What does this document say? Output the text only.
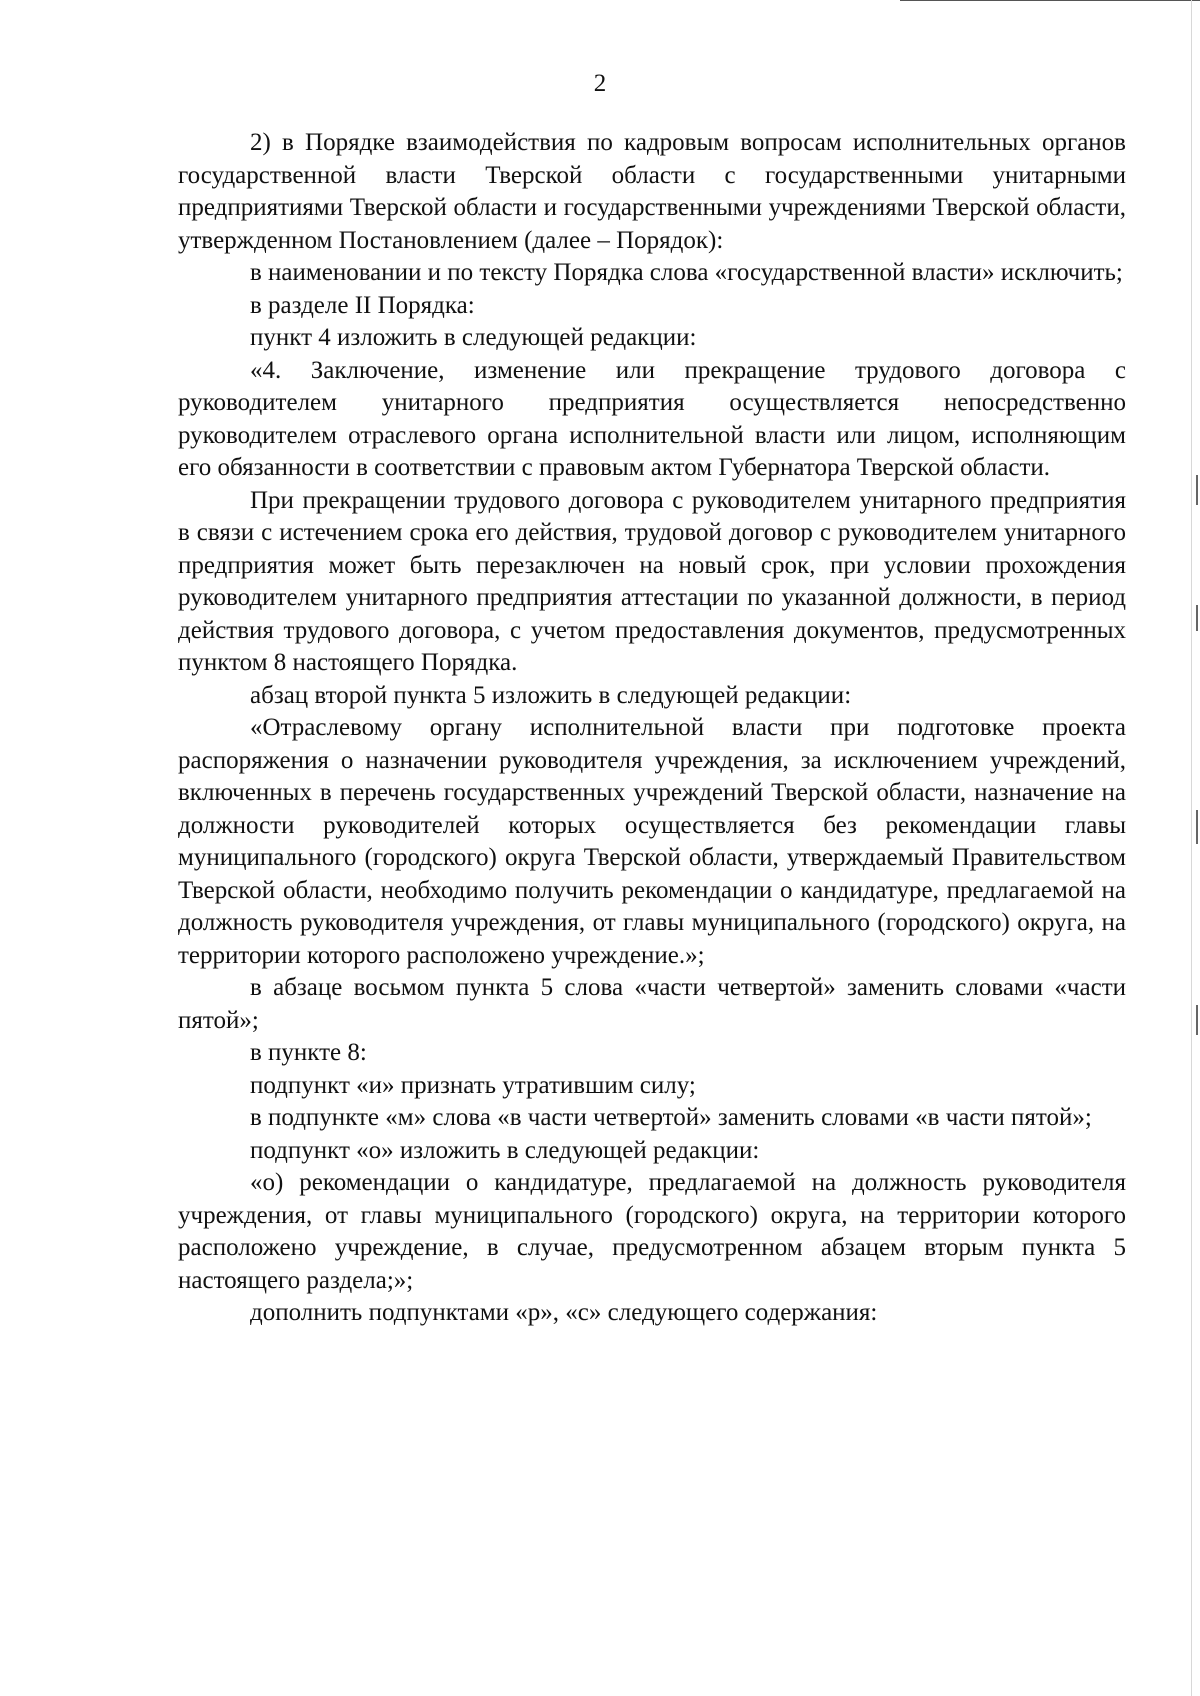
2

2) в Порядке взаимодействия по кадровым вопросам исполнительных органов государственной власти Тверской области с государственными унитарными предприятиями Тверской области и государственными учреждениями Тверской области, утвержденном Постановлением (далее – Порядок):

в наименовании и по тексту Порядка слова «государственной власти» исключить;

в разделе II Порядка:

пункт 4 изложить в следующей редакции:

«4. Заключение, изменение или прекращение трудового договора с руководителем унитарного предприятия осуществляется непосредственно руководителем отраслевого органа исполнительной власти или лицом, исполняющим его обязанности в соответствии с правовым актом Губернатора Тверской области.

При прекращении трудового договора с руководителем унитарного предприятия в связи с истечением срока его действия, трудовой договор с руководителем унитарного предприятия может быть перезаключен на новый срок, при условии прохождения руководителем унитарного предприятия аттестации по указанной должности, в период действия трудового договора, с учетом предоставления документов, предусмотренных пунктом 8 настоящего Порядка.

абзац второй пункта 5 изложить в следующей редакции:

«Отраслевому органу исполнительной власти при подготовке проекта распоряжения о назначении руководителя учреждения, за исключением учреждений, включенных в перечень государственных учреждений Тверской области, назначение на должности руководителей которых осуществляется без рекомендации главы муниципального (городского) округа Тверской области, утверждаемый Правительством Тверской области, необходимо получить рекомендации о кандидатуре, предлагаемой на должность руководителя учреждения, от главы муниципального (городского) округа, на территории которого расположено учреждение.»;

в абзаце восьмом пункта 5 слова «части четвертой» заменить словами «части пятой»;

в пункте 8:

подпункт «и» признать утратившим силу;

в подпункте «м» слова «в части четвертой» заменить словами «в части пятой»;

подпункт «о» изложить в следующей редакции:

«о) рекомендации о кандидатуре, предлагаемой на должность руководителя учреждения, от главы муниципального (городского) округа, на территории которого расположено учреждение, в случае, предусмотренном абзацем вторым пункта 5 настоящего раздела;»;

дополнить подпунктами «р», «с» следующего содержания:
